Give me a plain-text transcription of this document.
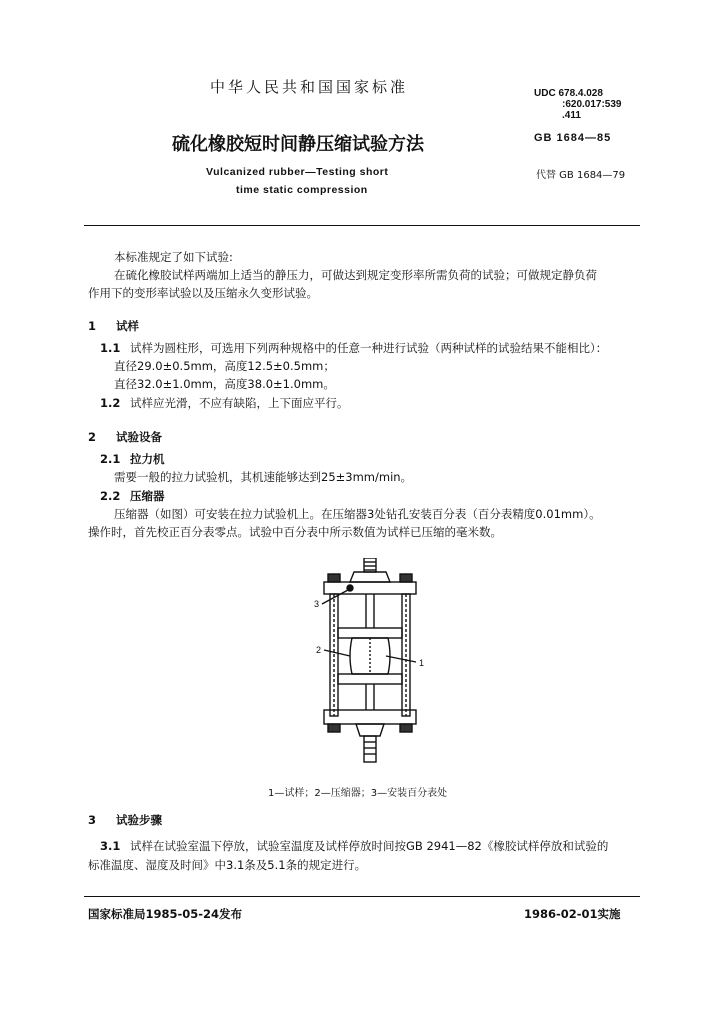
中华人民共和国国家标准
硫化橡胶短时间静压缩试验方法
Vulcanized rubber—Testing short
time static compression
UDC 678.4.028
:620.017:539
.411
GB 1684—85
代替 GB 1684—79
本标准规定了如下试验:
在硫化橡胶试样两端加上适当的静压力，可做达到规定变形率所需负荷的试验；可做规定静负荷
作用下的变形率试验以及压缩永久变形试验。
1 试样
1.1 试样为圆柱形，可选用下列两种规格中的任意一种进行试验（两种试样的试验结果不能相比）：
直径29.0±0.5mm，高度12.5±0.5mm；
直径32.0±1.0mm，高度38.0±1.0mm。
1.2 试样应光滑，不应有缺陷，上下面应平行。
2 试验设备
2.1 拉力机
需要一般的拉力试验机，其机速能够达到25±3mm/min。
2.2 压缩器
压缩器（如图）可安装在拉力试验机上。在压缩器3处钻孔安装百分表（百分表精度0.01mm）。
操作时，首先校正百分表零点。试验中百分表中所示数值为试样已压缩的毫米数。
3
2
1
1—试样；2—压缩器；3—安装百分表处
3 试验步骤
3.1 试样在试验室温下停放，试验室温度及试样停放时间按GB 2941—82《橡胶试样停放和试验的
标准温度、湿度及时间》中3.1条及5.1条的规定进行。
国家标准局1985-05-24发布	1986-02-01实施
